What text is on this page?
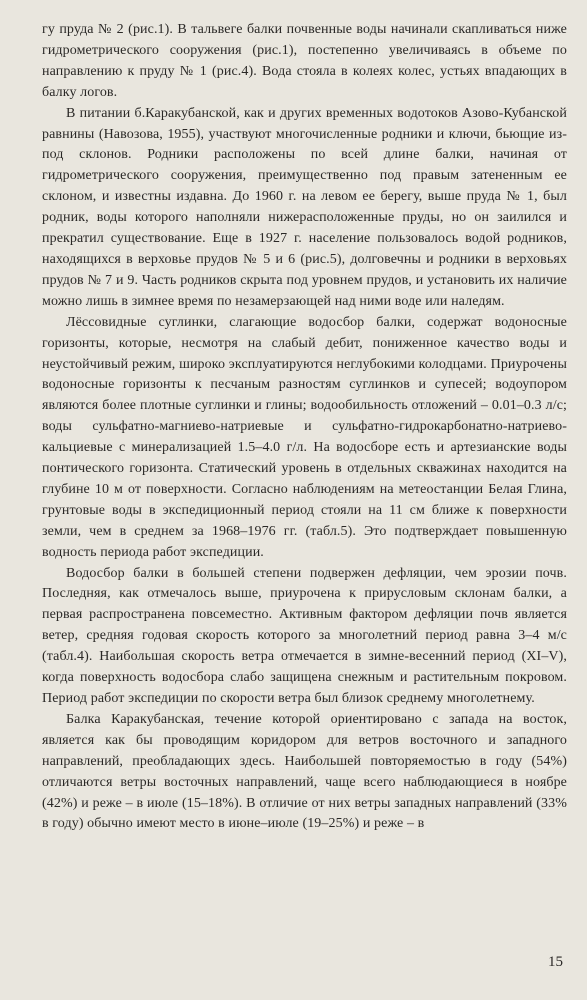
гу пруда № 2 (рис.1). В тальвеге балки почвенные воды начинали скапливаться ниже гидрометрического сооружения (рис.1), постепенно увеличиваясь в объеме по направлению к пруду № 1 (рис.4). Вода стояла в колеях колес, устьях впадающих в балку логов.

В питании б.Каракубанской, как и других временных водотоков Азово-Кубанской равнины (Навозова, 1955), участвуют многочисленные родники и ключи, бьющие из-под склонов. Родники расположены по всей длине балки, начиная от гидрометрического сооружения, преимущественно под правым затененным ее склоном, и известны издавна. До 1960 г. на левом ее берегу, выше пруда № 1, был родник, воды которого наполняли нижерасположенные пруды, но он заилился и прекратил существование. Еще в 1927 г. население пользовалось водой родников, находящихся в верховье прудов № 5 и 6 (рис.5), долговечны и родники в верховьях прудов № 7 и 9. Часть родников скрыта под уровнем прудов, и установить их наличие можно лишь в зимнее время по незамерзающей над ними воде или наледям.

Лёссовидные суглинки, слагающие водосбор балки, содержат водоносные горизонты, которые, несмотря на слабый дебит, пониженное качество воды и неустойчивый режим, широко эксплуатируются неглубокими колодцами. Приурочены водоносные горизонты к песчаным разностям суглинков и супесей; водоупором являются более плотные суглинки и глины; водообильность отложений – 0.01–0.3 л/с; воды сульфатно-магниево-натриевые и сульфатно-гидрокарбонатно-натриево-кальциевые с минерализацией 1.5–4.0 г/л. На водосборе есть и артезианские воды понтического горизонта. Статический уровень в отдельных скважинах находится на глубине 10 м от поверхности. Согласно наблюдениям на метеостанции Белая Глина, грунтовые воды в экспедиционный период стояли на 11 см ближе к поверхности земли, чем в среднем за 1968–1976 гг. (табл.5). Это подтверждает повышенную водность периода работ экспедиции.

Водосбор балки в большей степени подвержен дефляции, чем эрозии почв. Последняя, как отмечалось выше, приурочена к прирусловым склонам балки, а первая распространена повсеместно. Активным фактором дефляции почв является ветер, средняя годовая скорость которого за многолетний период равна 3–4 м/с (табл.4). Наибольшая скорость ветра отмечается в зимне-весенний период (XI–V), когда поверхность водосбора слабо защищена снежным и растительным покровом. Период работ экспедиции по скорости ветра был близок среднему многолетнему.

Балка Каракубанская, течение которой ориентировано с запада на восток, является как бы проводящим коридором для ветров восточного и западного направлений, преобладающих здесь. Наибольшей повторяемостью в году (54%) отличаются ветры восточных направлений, чаще всего наблюдающиеся в ноябре (42%) и реже – в июле (15–18%). В отличие от них ветры западных направлений (33% в году) обычно имеют место в июне–июле (19–25%) и реже – в

15
